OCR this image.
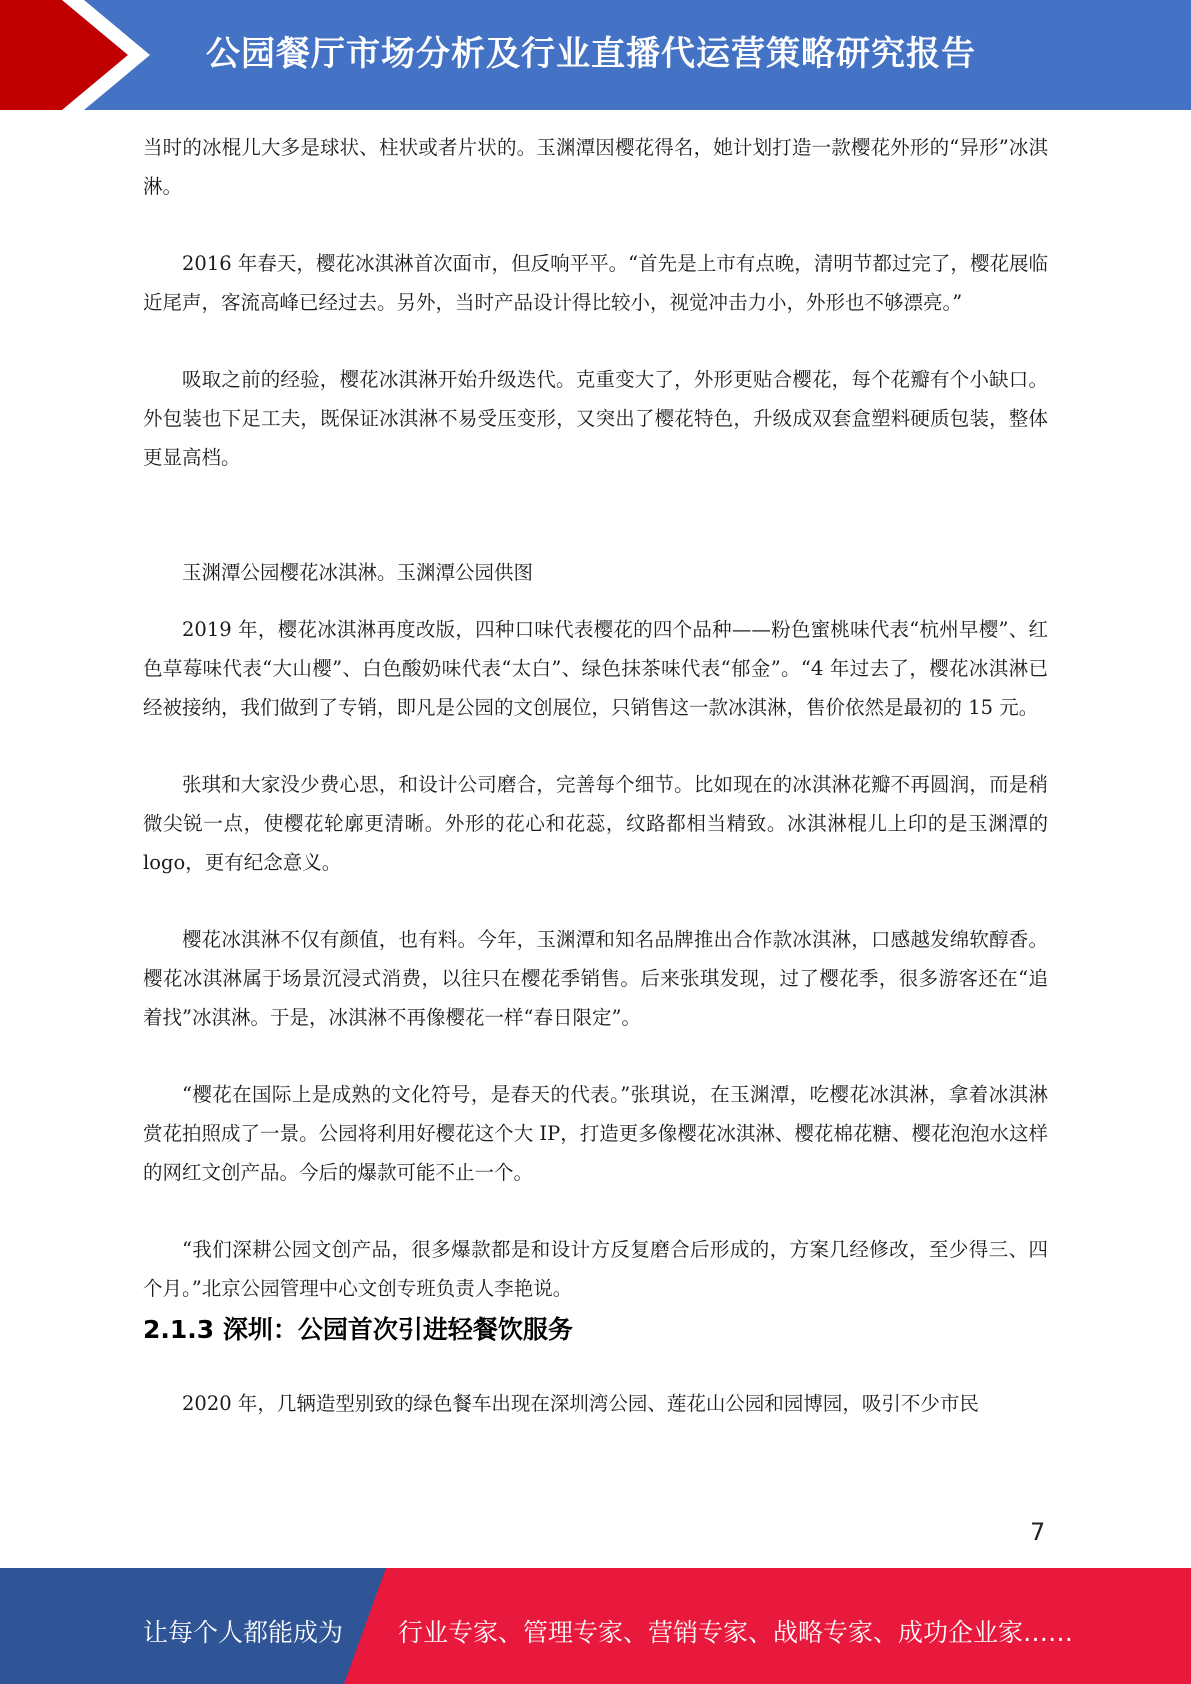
公园餐厅市场分析及行业直播代运营策略研究报告

当时的冰棍儿大多是球状、柱状或者片状的。玉渊潭因樱花得名，她计划打造一款樱花外形的“异形”冰淇淋。

2016 年春天，樱花冰淇淋首次面市，但反响平平。“首先是上市有点晚，清明节都过完了，樱花展临近尾声，客流高峰已经过去。另外，当时产品设计得比较小，视觉冲击力小，外形也不够漂亮。”

吸取之前的经验，樱花冰淇淋开始升级迭代。克重变大了，外形更贴合樱花，每个花瓣有个小缺口。外包装也下足工夫，既保证冰淇淋不易受压变形，又突出了樱花特色，升级成双套盒塑料硬质包装，整体更显高档。

玉渊潭公园樱花冰淇淋。玉渊潭公园供图

2019 年，樱花冰淇淋再度改版，四种口味代表樱花的四个品种——粉色蜜桃味代表“杭州早樱”、红色草莓味代表“大山樱”、白色酸奶味代表“太白”、绿色抹茶味代表“郁金”。“4 年过去了，樱花冰淇淋已经被接纳，我们做到了专销，即凡是公园的文创展位，只销售这一款冰淇淋，售价依然是最初的 15 元。

张琪和大家没少费心思，和设计公司磨合，完善每个细节。比如现在的冰淇淋花瓣不再圆润，而是稍微尖锐一点，使樱花轮廓更清晰。外形的花心和花蕊，纹路都相当精致。冰淇淋棍儿上印的是玉渊潭的 logo，更有纪念意义。

樱花冰淇淋不仅有颜值，也有料。今年，玉渊潭和知名品牌推出合作款冰淇淋，口感越发绵软醇香。樱花冰淇淋属于场景沉浸式消费，以往只在樱花季销售。后来张琪发现，过了樱花季，很多游客还在“追着找”冰淇淋。于是，冰淇淋不再像樱花一样“春日限定”。

“樱花在国际上是成熟的文化符号，是春天的代表。”张琪说，在玉渊潭，吃樱花冰淇淋，拿着冰淇淋赏花拍照成了一景。公园将利用好樱花这个大 IP，打造更多像樱花冰淇淋、樱花棉花糖、樱花泡泡水这样的网红文创产品。今后的爆款可能不止一个。

“我们深耕公园文创产品，很多爆款都是和设计方反复磨合后形成的，方案几经修改，至少得三、四个月。”北京公园管理中心文创专班负责人李艳说。

2.1.3 深圳：公园首次引进轻餐饮服务

2020 年，几辆造型别致的绿色餐车出现在深圳湾公园、莲花山公园和园博园，吸引不少市民

7
让每个人都能成为 行业专家、管理专家、营销专家、战略专家、成功企业家……
